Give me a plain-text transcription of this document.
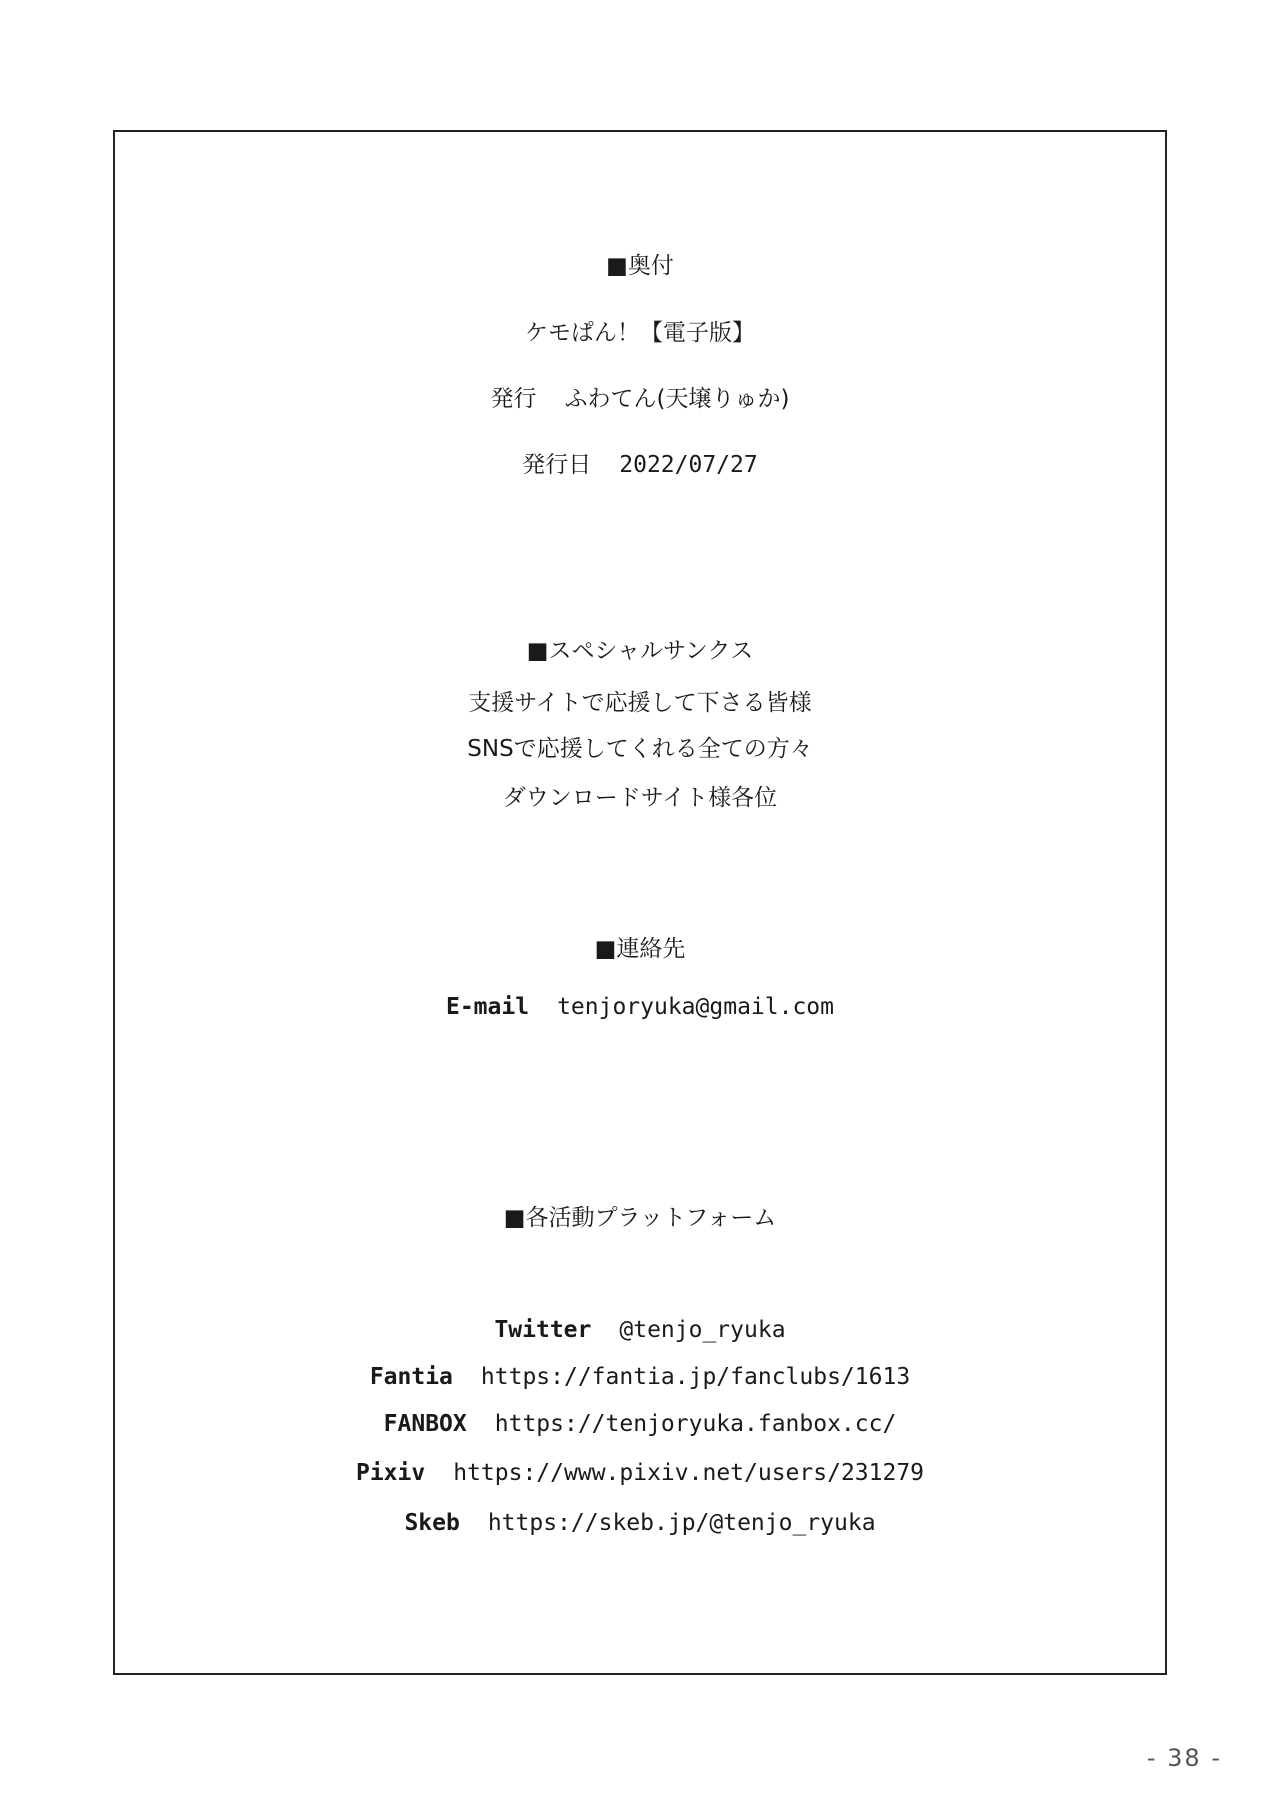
■奥付
ケモぱん！【電子版】
発行 ふわてん(天壌りゅか)
発行日 2022/07/27
■スペシャルサンクス
支援サイトで応援して下さる皆様
SNSで応援してくれる全ての方々
ダウンロードサイト様各位
■連絡先
E-mail tenjoryuka@gmail.com
■各活動プラットフォーム
Twitter @tenjo_ryuka
Fantia https://fantia.jp/fanclubs/1613
FANBOX https://tenjoryuka.fanbox.cc/
Pixiv https://www.pixiv.net/users/231279
Skeb https://skeb.jp/@tenjo_ryuka
- 38 -
